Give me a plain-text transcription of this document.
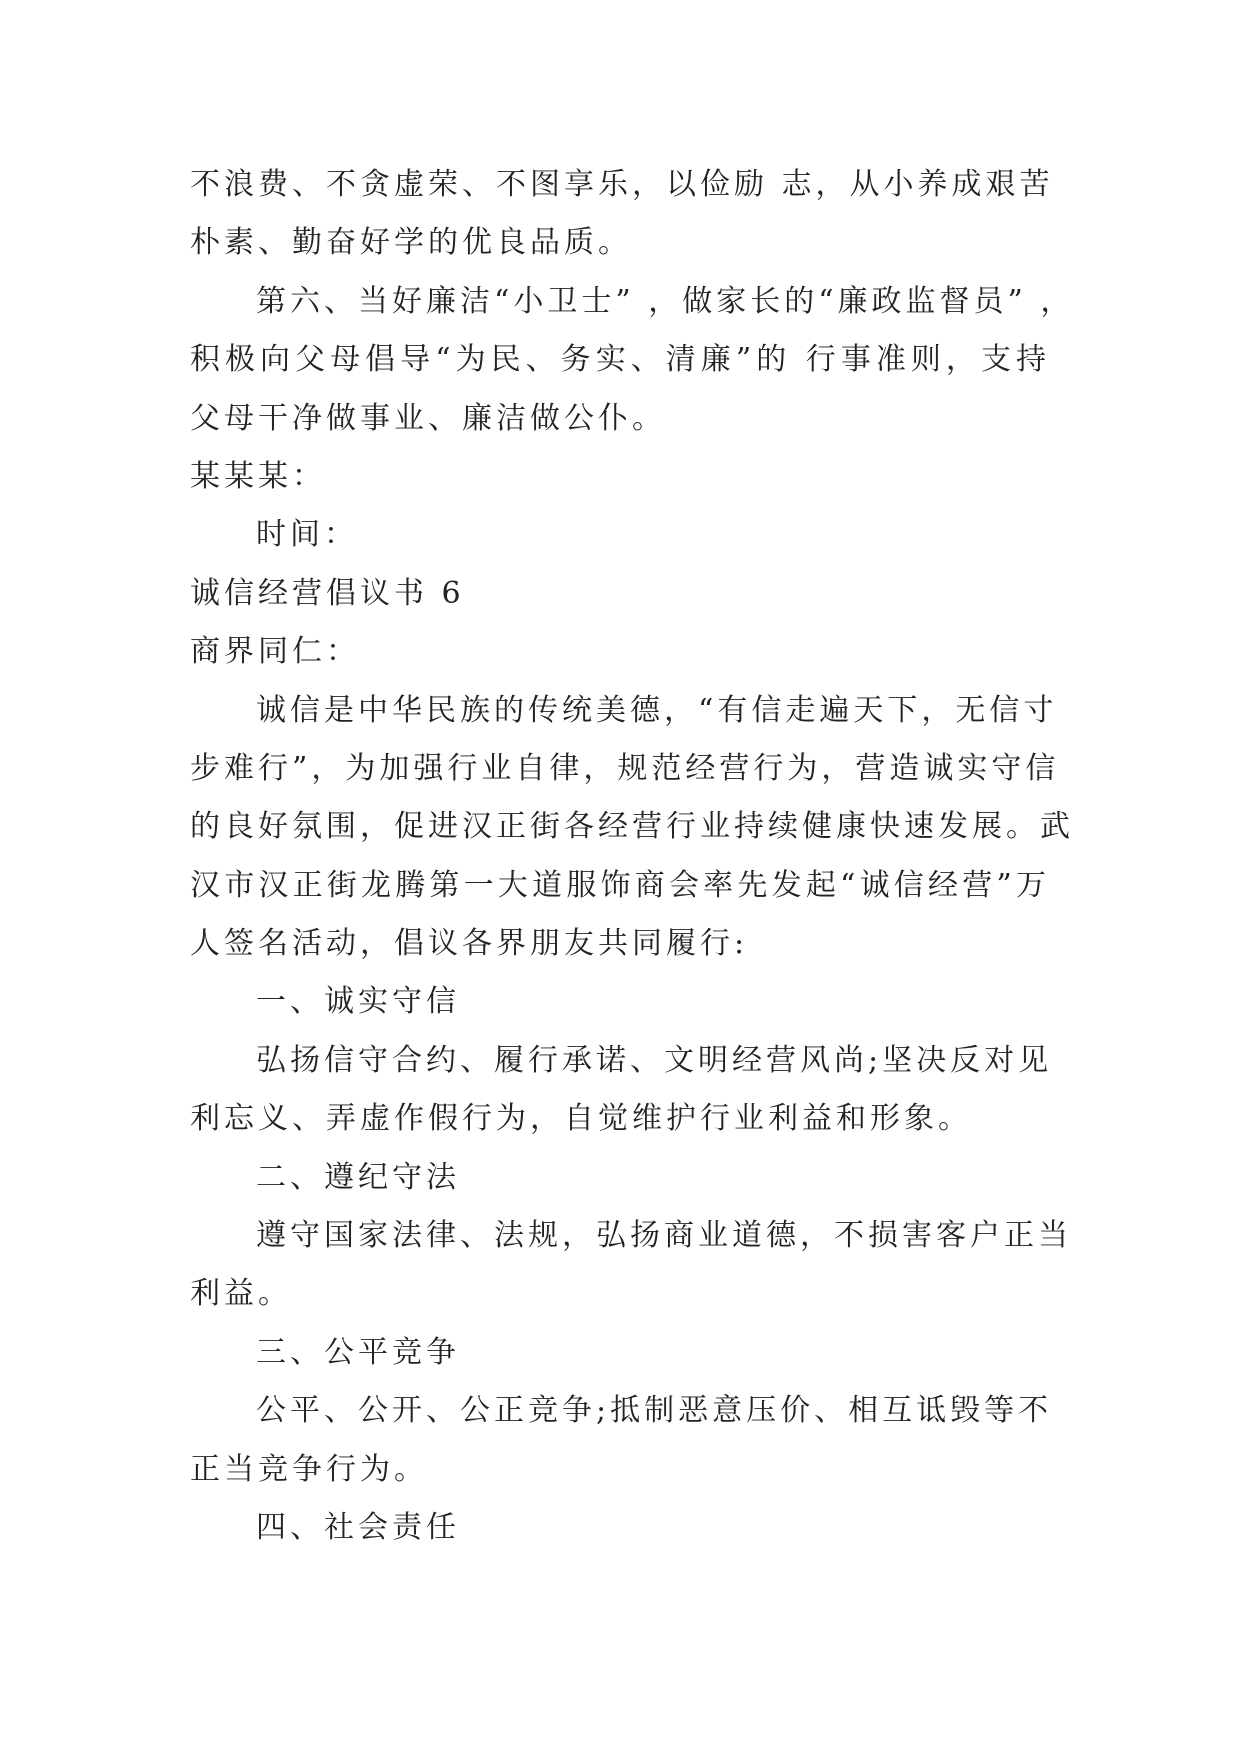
不浪费、不贪虚荣、不图享乐，以俭励 志，从小养成艰苦
朴素、勤奋好学的优良品质。
第六、当好廉洁“小卫士” ，做家长的“廉政监督员” ，
积极向父母倡导“为民、务实、清廉”的 行事准则，支持
父母干净做事业、廉洁做公仆。
某某某：
时间：
诚信经营倡议书 6
商界同仁：
诚信是中华民族的传统美德，“有信走遍天下，无信寸
步难行”，为加强行业自律，规范经营行为，营造诚实守信
的良好氛围，促进汉正街各经营行业持续健康快速发展。武
汉市汉正街龙腾第一大道服饰商会率先发起“诚信经营”万
人签名活动，倡议各界朋友共同履行:
一、诚实守信
弘扬信守合约、履行承诺、文明经营风尚;坚决反对见
利忘义、弄虚作假行为，自觉维护行业利益和形象。
二、遵纪守法
遵守国家法律、法规，弘扬商业道德，不损害客户正当
利益。
三、公平竞争
公平、公开、公正竞争;抵制恶意压价、相互诋毁等不
正当竞争行为。
四、社会责任
